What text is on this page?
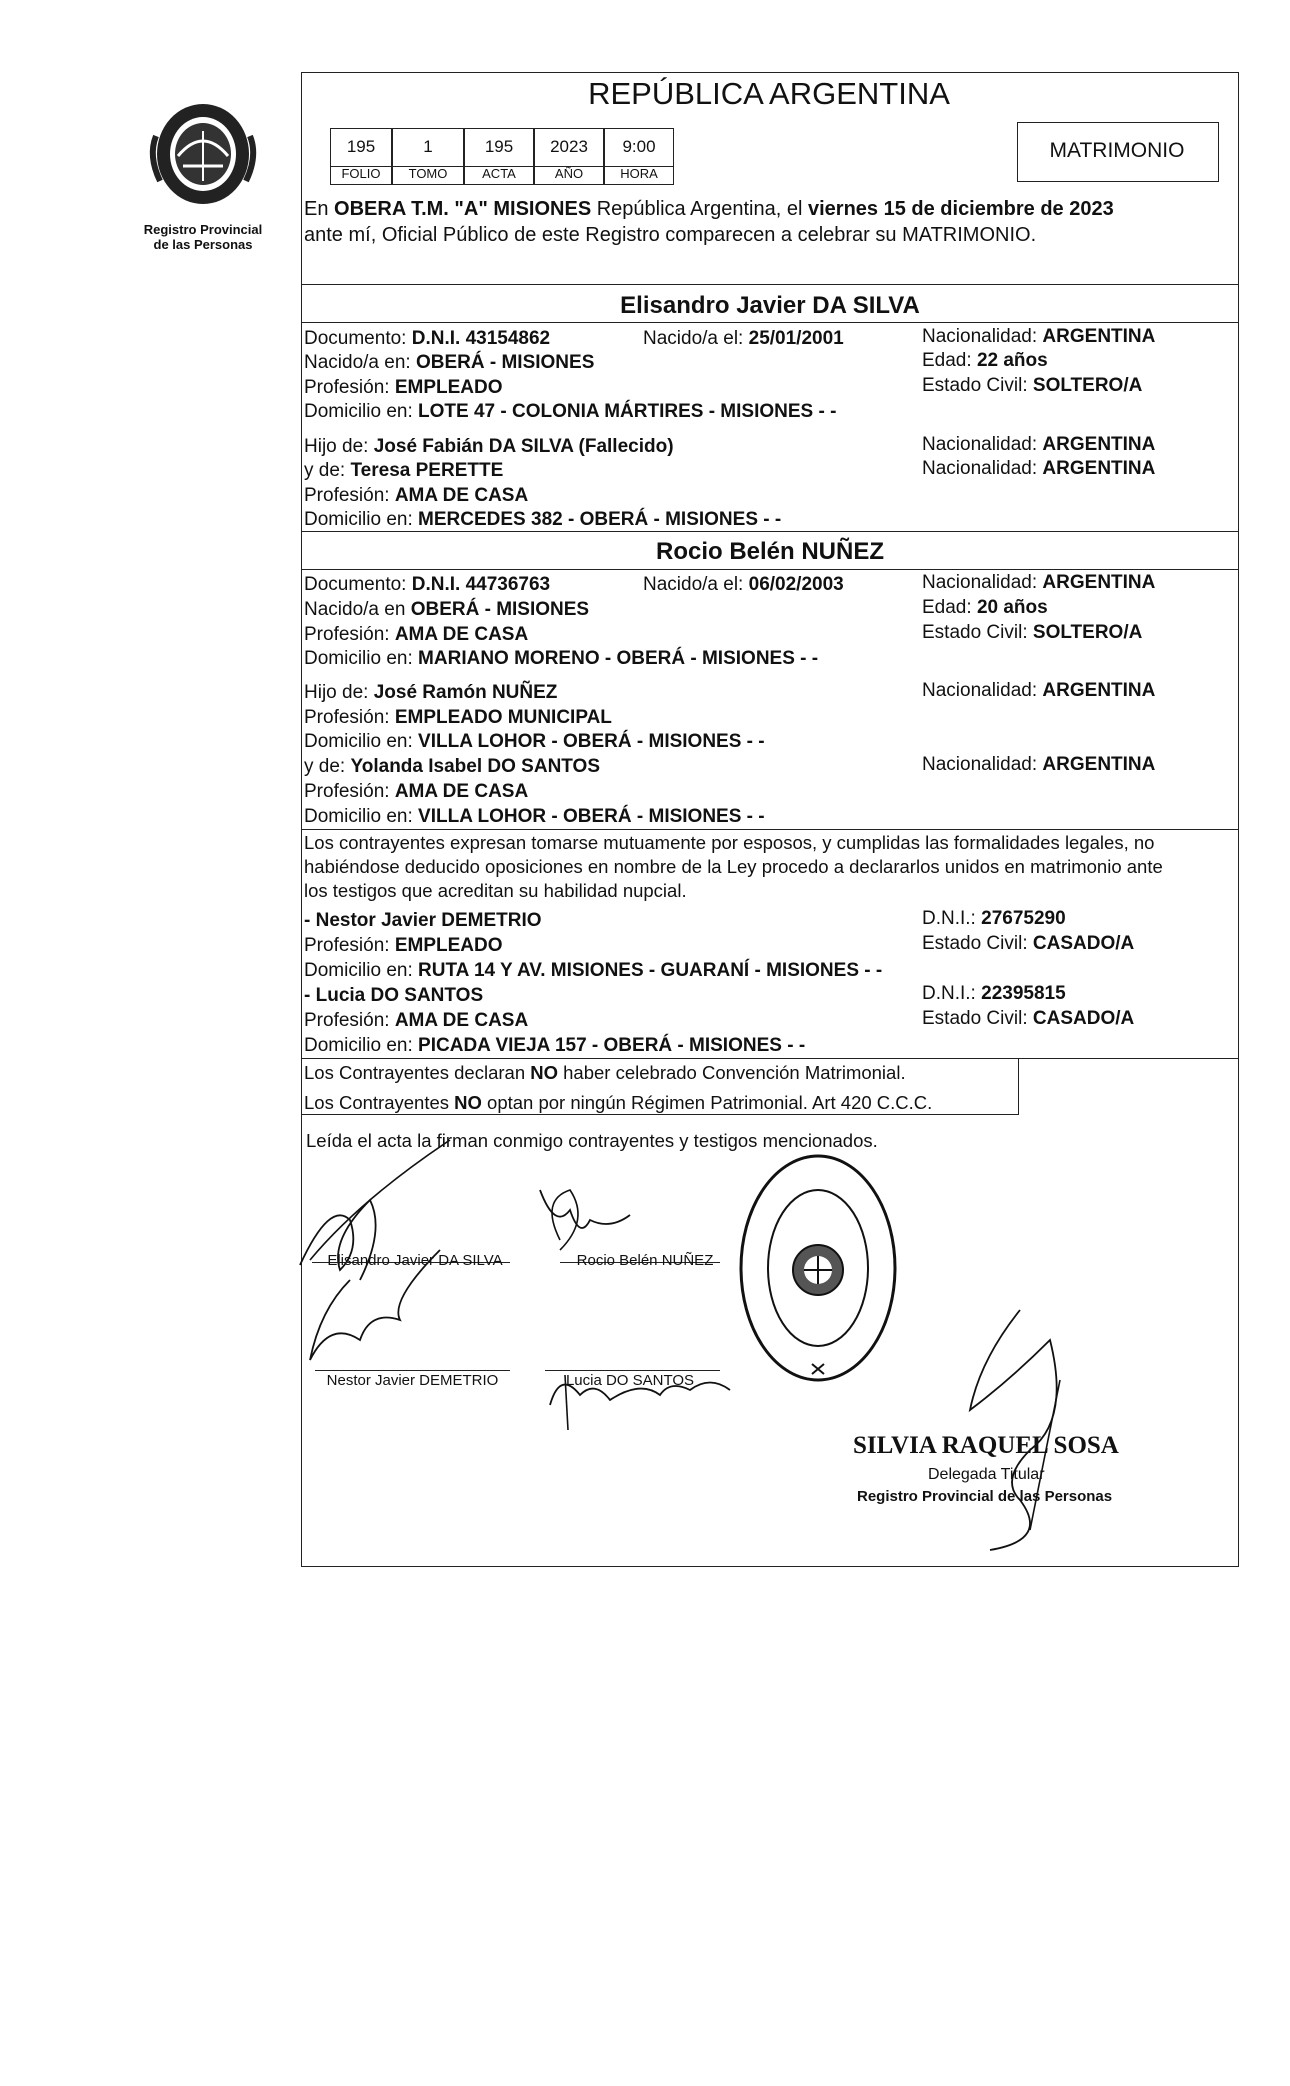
Registro Provincial
de las Personas
REPÚBLICA ARGENTINA
195	1	195	2023	9:00
FOLIO	TOMO	ACTA	AÑO	HORA
MATRIMONIO
En OBERA T.M. "A" MISIONES República Argentina, el viernes 15 de diciembre de 2023
ante mí, Oficial Público de este Registro comparecen a celebrar su MATRIMONIO.
Elisandro Javier DA SILVA
Documento: D.N.I. 43154862	Nacido/a el: 25/01/2001	Nacionalidad: ARGENTINA
Nacido/a en: OBERÁ - MISIONES	Edad: 22 años
Profesión: EMPLEADO	Estado Civil: SOLTERO/A
Domicilio en: LOTE 47 - COLONIA MÁRTIRES - MISIONES - -
Hijo de: José Fabián DA SILVA (Fallecido)	Nacionalidad: ARGENTINA
y de: Teresa PERETTE	Nacionalidad: ARGENTINA
Profesión: AMA DE CASA
Domicilio en: MERCEDES 382 - OBERÁ - MISIONES - -
Rocio Belén NUÑEZ
Documento: D.N.I. 44736763	Nacido/a el: 06/02/2003	Nacionalidad: ARGENTINA
Nacido/a en OBERÁ - MISIONES	Edad: 20 años
Profesión: AMA DE CASA	Estado Civil: SOLTERO/A
Domicilio en: MARIANO MORENO - OBERÁ - MISIONES - -
Hijo de: José Ramón NUÑEZ	Nacionalidad: ARGENTINA
Profesión: EMPLEADO MUNICIPAL
Domicilio en: VILLA LOHOR - OBERÁ - MISIONES - -
y de: Yolanda Isabel DO SANTOS	Nacionalidad: ARGENTINA
Profesión: AMA DE CASA
Domicilio en: VILLA LOHOR - OBERÁ - MISIONES - -
Los contrayentes expresan tomarse mutuamente por esposos, y cumplidas las formalidades legales, no
habiéndose deducido oposiciones en nombre de la Ley procedo a declararlos unidos en matrimonio ante
los testigos que acreditan su habilidad nupcial.
- Nestor Javier DEMETRIO	D.N.I.: 27675290
Profesión: EMPLEADO	Estado Civil: CASADO/A
Domicilio en: RUTA 14 Y AV. MISIONES - GUARANÍ - MISIONES - -
- Lucia DO SANTOS	D.N.I.: 22395815
Profesión: AMA DE CASA	Estado Civil: CASADO/A
Domicilio en: PICADA VIEJA 157 - OBERÁ - MISIONES - -
Los Contrayentes declaran NO haber celebrado Convención Matrimonial.
Los Contrayentes NO optan por ningún Régimen Patrimonial. Art 420 C.C.C.
Leída el acta la firman conmigo contrayentes y testigos mencionados.
Elisandro Javier DA SILVA	Rocio Belén NUÑEZ
Nestor Javier DEMETRIO	Lucia DO SANTOS
SILVIA RAQUEL SOSA
Delegada Titular
Registro Provincial de las Personas
